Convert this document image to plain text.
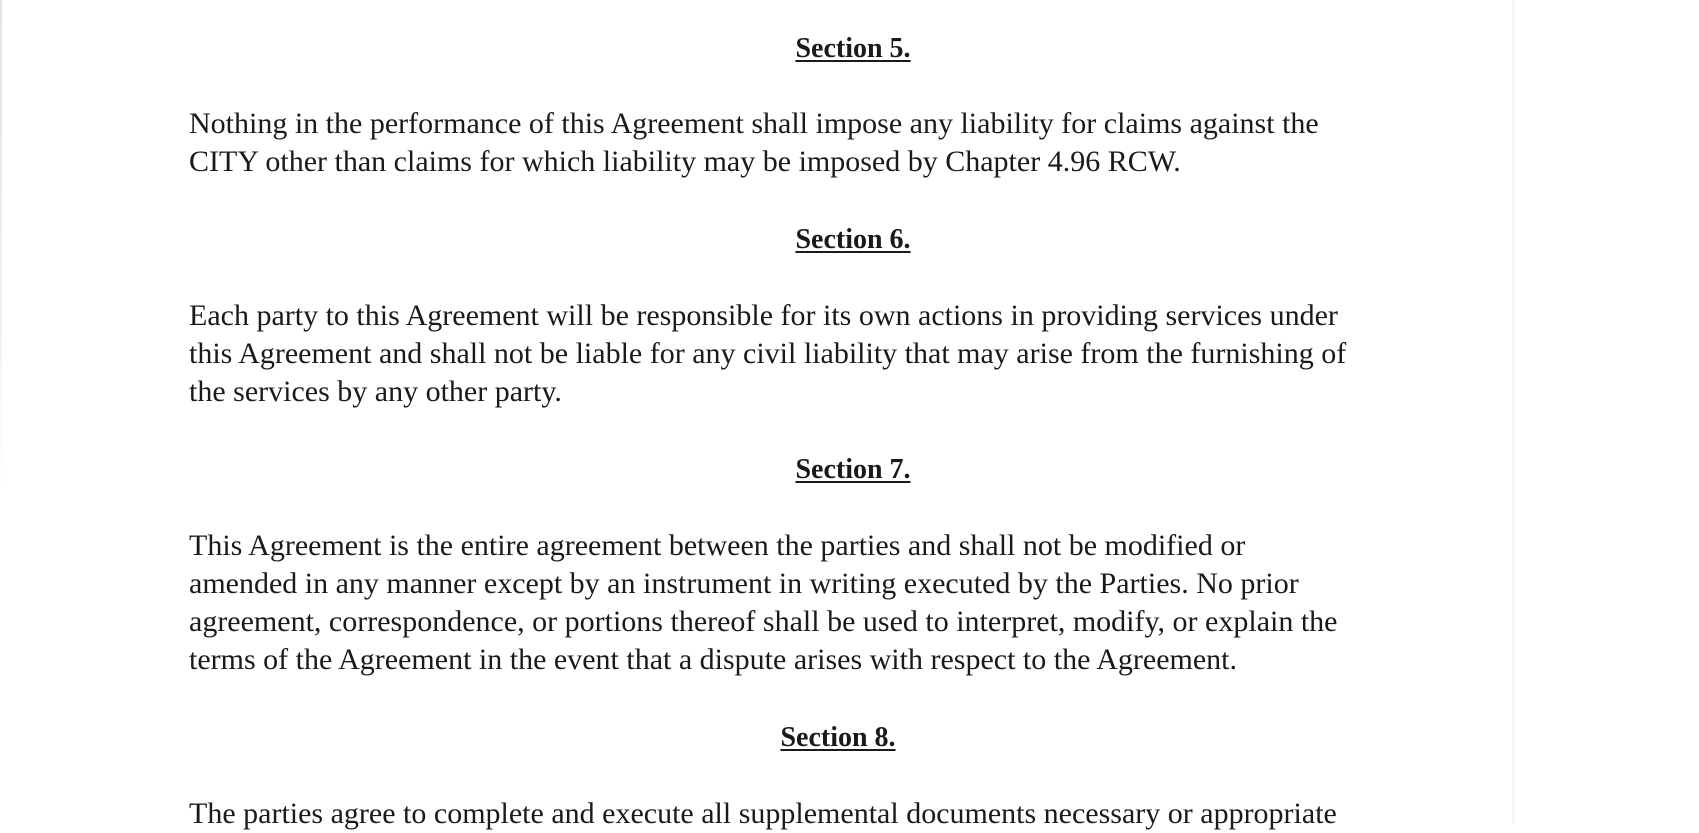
Section 5.
Nothing in the performance of this Agreement shall impose any liability for claims against the
CITY other than claims for which liability may be imposed by Chapter 4.96 RCW.
Section 6.
Each party to this Agreement will be responsible for its own actions in providing services under
this Agreement and shall not be liable for any civil liability that may arise from the furnishing of
the services by any other party.
Section 7.
This Agreement is the entire agreement between the parties and shall not be modified or
amended in any manner except by an instrument in writing executed by the Parties. No prior
agreement, correspondence, or portions thereof shall be used to interpret, modify, or explain the
terms of the Agreement in the event that a dispute arises with respect to the Agreement.
Section 8.
The parties agree to complete and execute all supplemental documents necessary or appropriate
